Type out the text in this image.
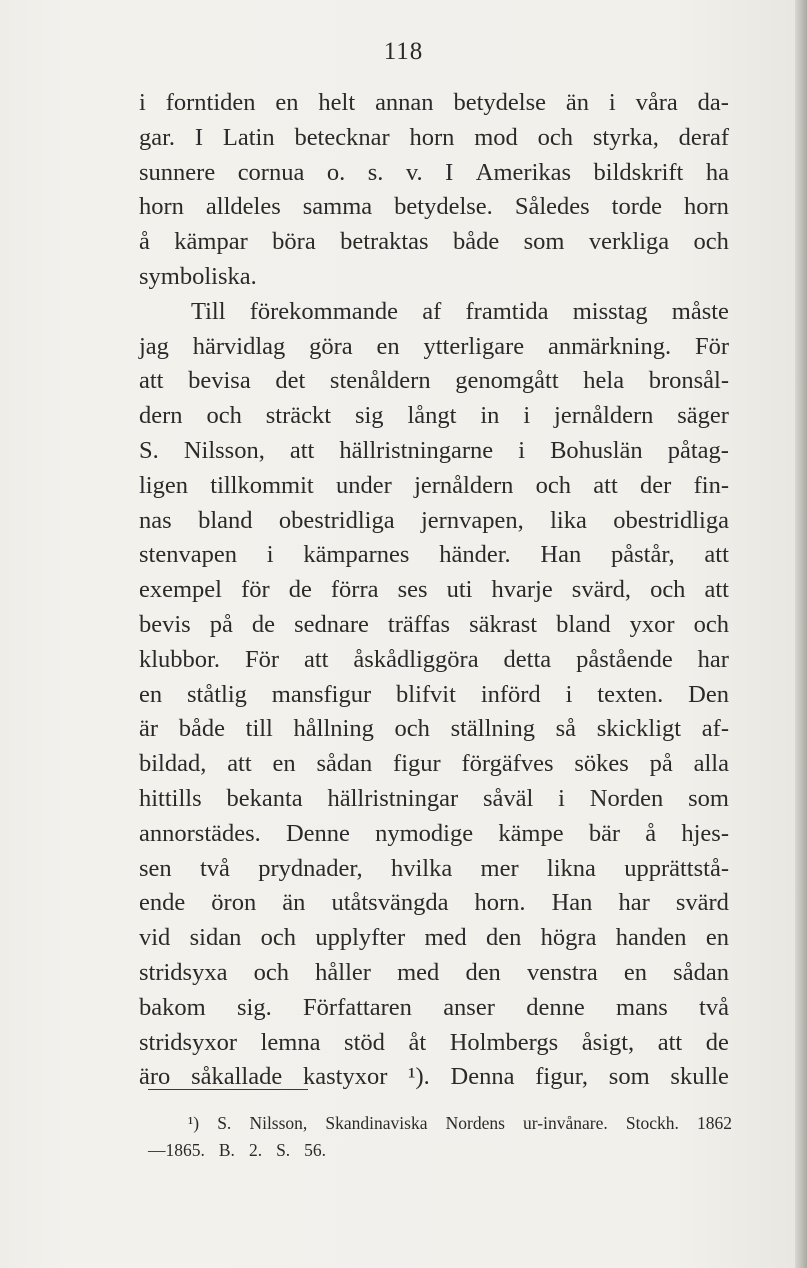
118
i forntiden en helt annan betydelse än i våra da-
gar. I Latin betecknar horn mod och styrka, deraf
sunnere cornua o. s. v. I Amerikas bildskrift ha
horn alldeles samma betydelse. Således torde horn
å kämpar böra betraktas både som verkliga och
symboliska.
Till förekommande af framtida misstag måste
jag härvidlag göra en ytterligare anmärkning. För
att bevisa det stenåldern genomgått hela bronsål-
dern och sträckt sig långt in i jernåldern säger
S. Nilsson, att hällristningarne i Bohuslän påtag-
ligen tillkommit under jernåldern och att der fin-
nas bland obestridliga jernvapen, lika obestridliga
stenvapen i kämparnes händer. Han påstår, att
exempel för de förra ses uti hvarje svärd, och att
bevis på de sednare träffas säkrast bland yxor och
klubbor. För att åskådliggöra detta påstående har
en ståtlig mansfigur blifvit införd i texten. Den
är både till hållning och ställning så skickligt af-
bildad, att en sådan figur förgäfves sökes på alla
hittills bekanta hällristningar såväl i Norden som
annorstädes. Denne nymodige kämpe bär å hjes-
sen två prydnader, hvilka mer likna upprättstå-
ende öron än utåtsvängda horn. Han har svärd
vid sidan och upplyfter med den högra handen en
stridsyxa och håller med den venstra en sådan
bakom sig. Författaren anser denne mans två
stridsyxor lemna stöd åt Holmbergs åsigt, att de
äro såkallade kastyxor ¹). Denna figur, som skulle
¹) S. Nilsson, Skandinaviska Nordens ur-invånare. Stockh. 1862
—1865. B. 2. S. 56.
